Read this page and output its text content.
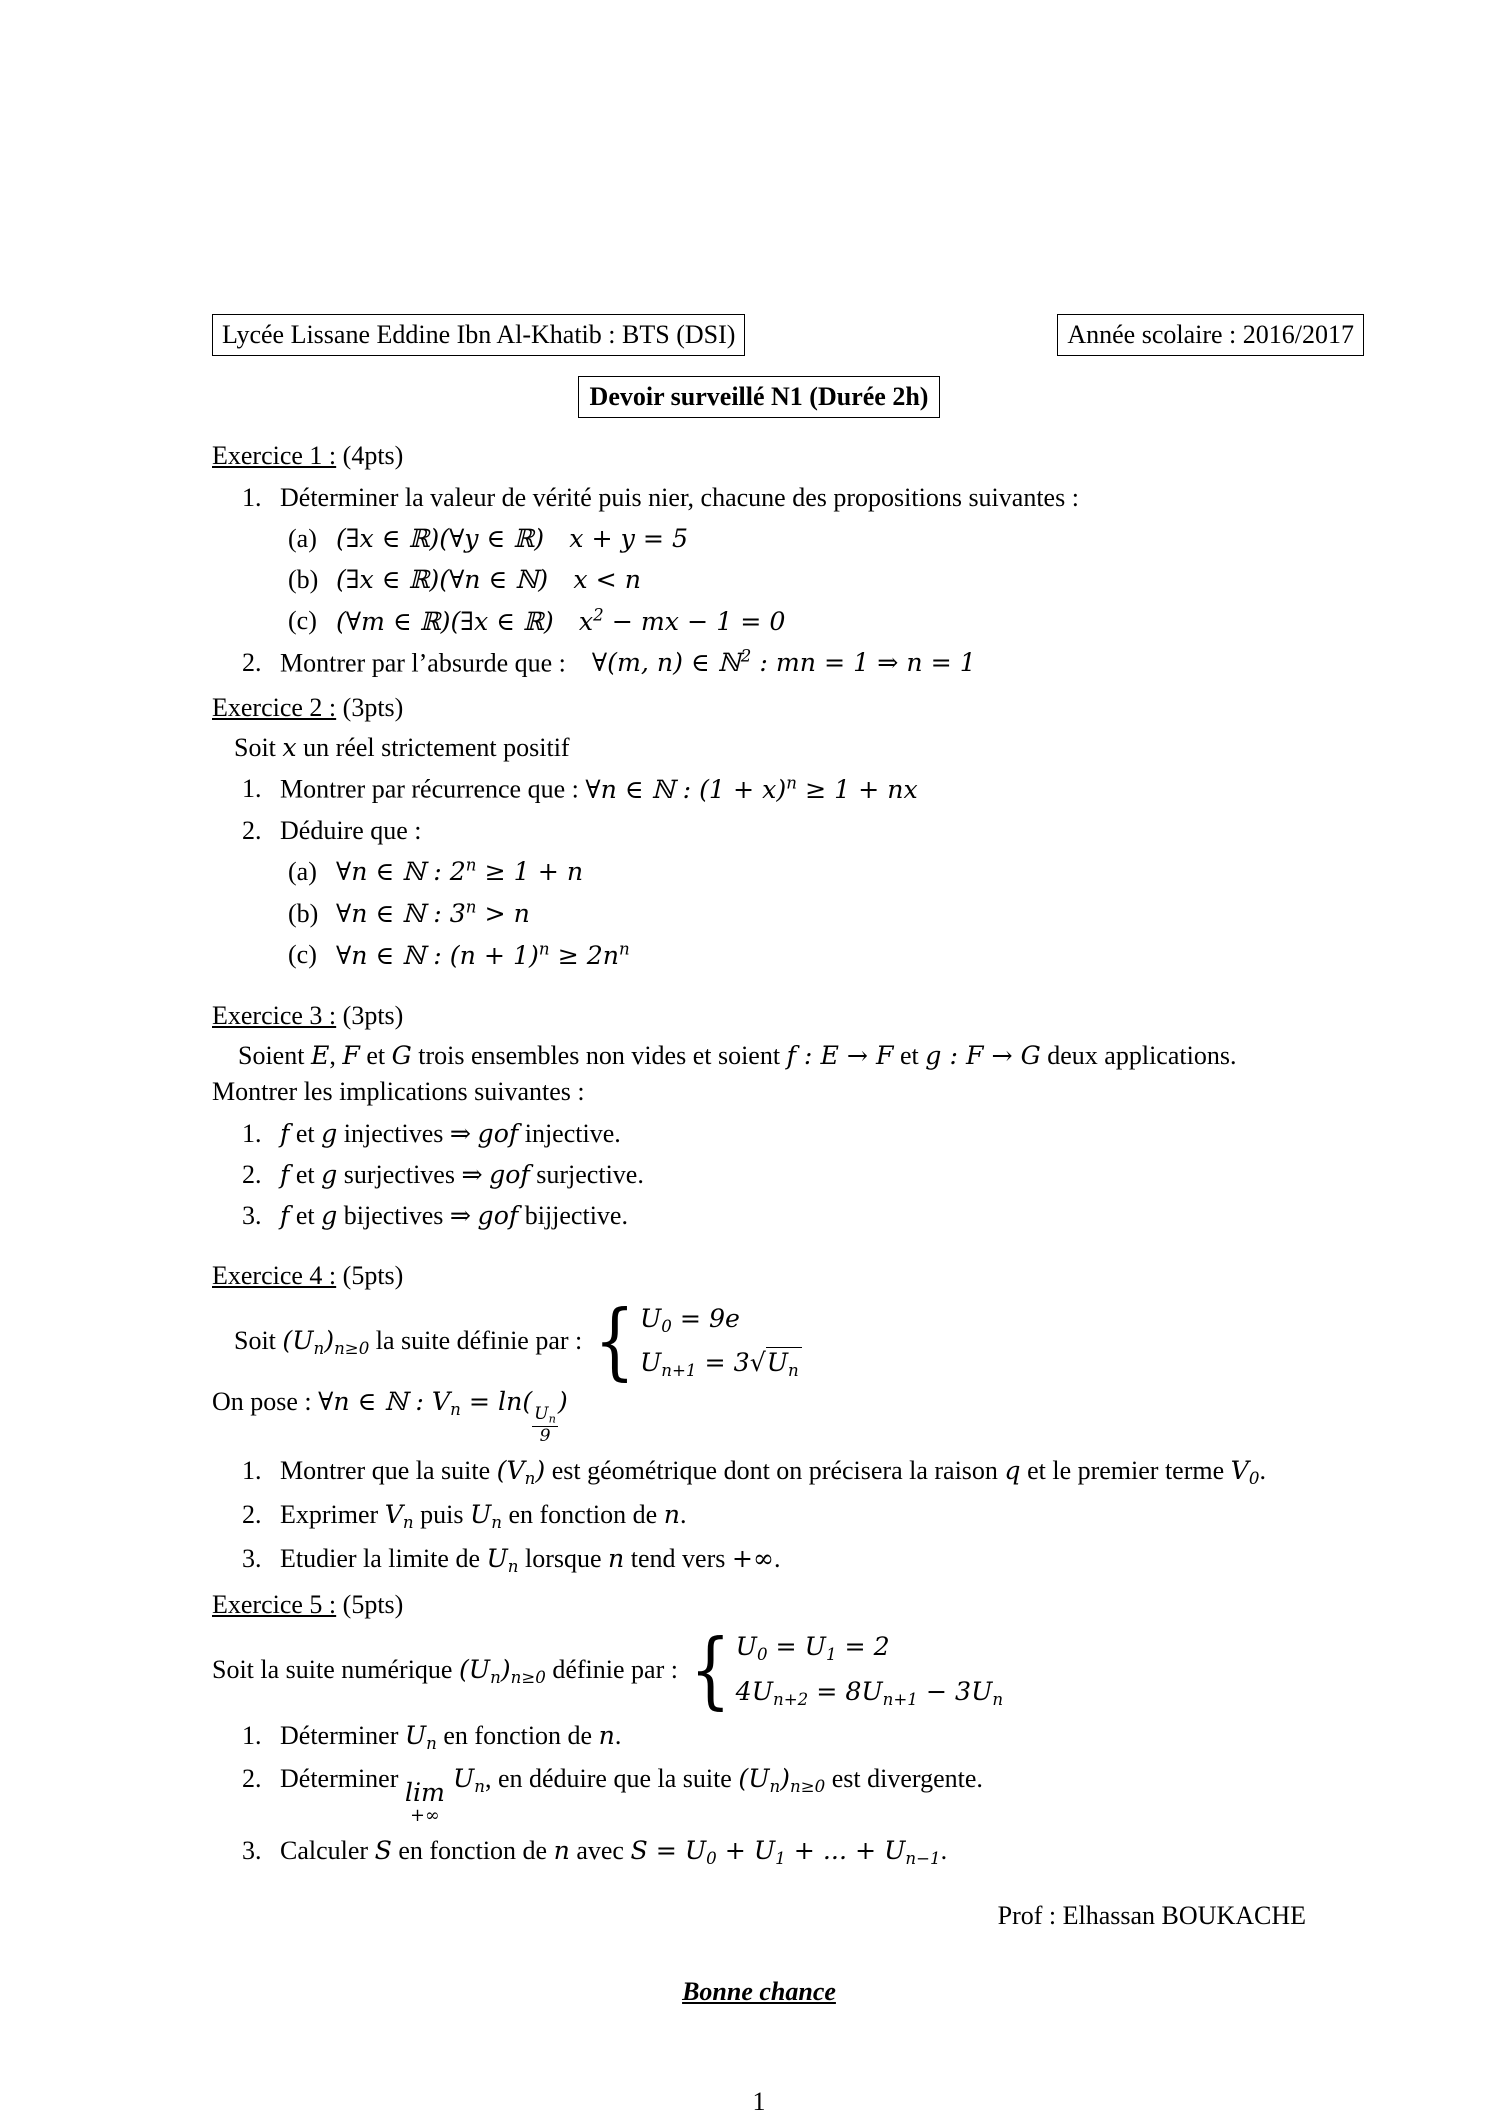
Lycée Lissane Eddine Ibn Al-Khatib : BTS (DSI)	Année scolaire : 2016/2017
Devoir surveillé N1 (Durée 2h)
Exercice 1 : (4pts)
1. Déterminer la valeur de vérité puis nier, chacune des propositions suivantes :
(a) (∃x ∈ ℝ)(∀y ∈ ℝ) x + y = 5
(b) (∃x ∈ ℝ)(∀n ∈ ℕ) x < n
(c) (∀m ∈ ℝ)(∃x ∈ ℝ) $x^2$ − mx − 1 = 0
2. Montrer par l’absurde que : ∀(m, n) ∈ ℕ$^2$ : mn = 1 ⇒ n = 1
Exercice 2 : (3pts)
Soit x un réel strictement positif
1. Montrer par récurrence que : ∀n ∈ ℕ : $(1 + x)^n \ge 1$ + nx
2. Déduire que :
(a) ∀n ∈ ℕ : $2^n \ge 1 + n$
(b) ∀n ∈ ℕ : $3^n > n$
(c) ∀n ∈ ℕ : $(n + 1)^n \ge 2n^n$
Exercice 3 : (3pts)
Soient E, F et G trois ensembles non vides et soient f : E → F et g : F → G deux applications.
Montrer les implications suivantes :
1. f et g injectives ⇒ gof injective.
2. f et g surjectives ⇒ gof surjective.
3. f et g bijectives ⇒ gof bijjective.
Exercice 4 : (5pts)
Soit $(U_n)_{n\ge 0}$ la suite définie par : { $U_0 = 9e$
$U_{n+1} = 3√U_n$
On pose : ∀n ∈ ℕ : $V_n = \ln$(
$\frac{U_n}{9}$
)
1. Montrer que la suite $(V_n)$ est géométrique dont on précisera la raison q et le premier terme $V_0$.
2. Exprimer $V_n$ puis $U_n$ en fonction de n.
3. Etudier la limite de $U_n$ lorsque n tend vers +∞.
Exercice 5 : (5pts)
Soit la suite numérique $(U_n)_{n\ge 0}$ définie par : { $U_0 = U_1 = 2$
$4U_{n+2} = 8U_{n+1} - 3U_n$
1. Déterminer $U_n$ en fonction de n.
2. Déterminer lim
+∞
$U_n$, en déduire que la suite $(U_n)_{n\ge 0}$ est divergente.
3. Calculer S en fonction de n avec $S = U_0 + U_1$ + ... + $U_{n-1}$.
Prof : Elhassan BOUKACHE
Bonne chance
1
